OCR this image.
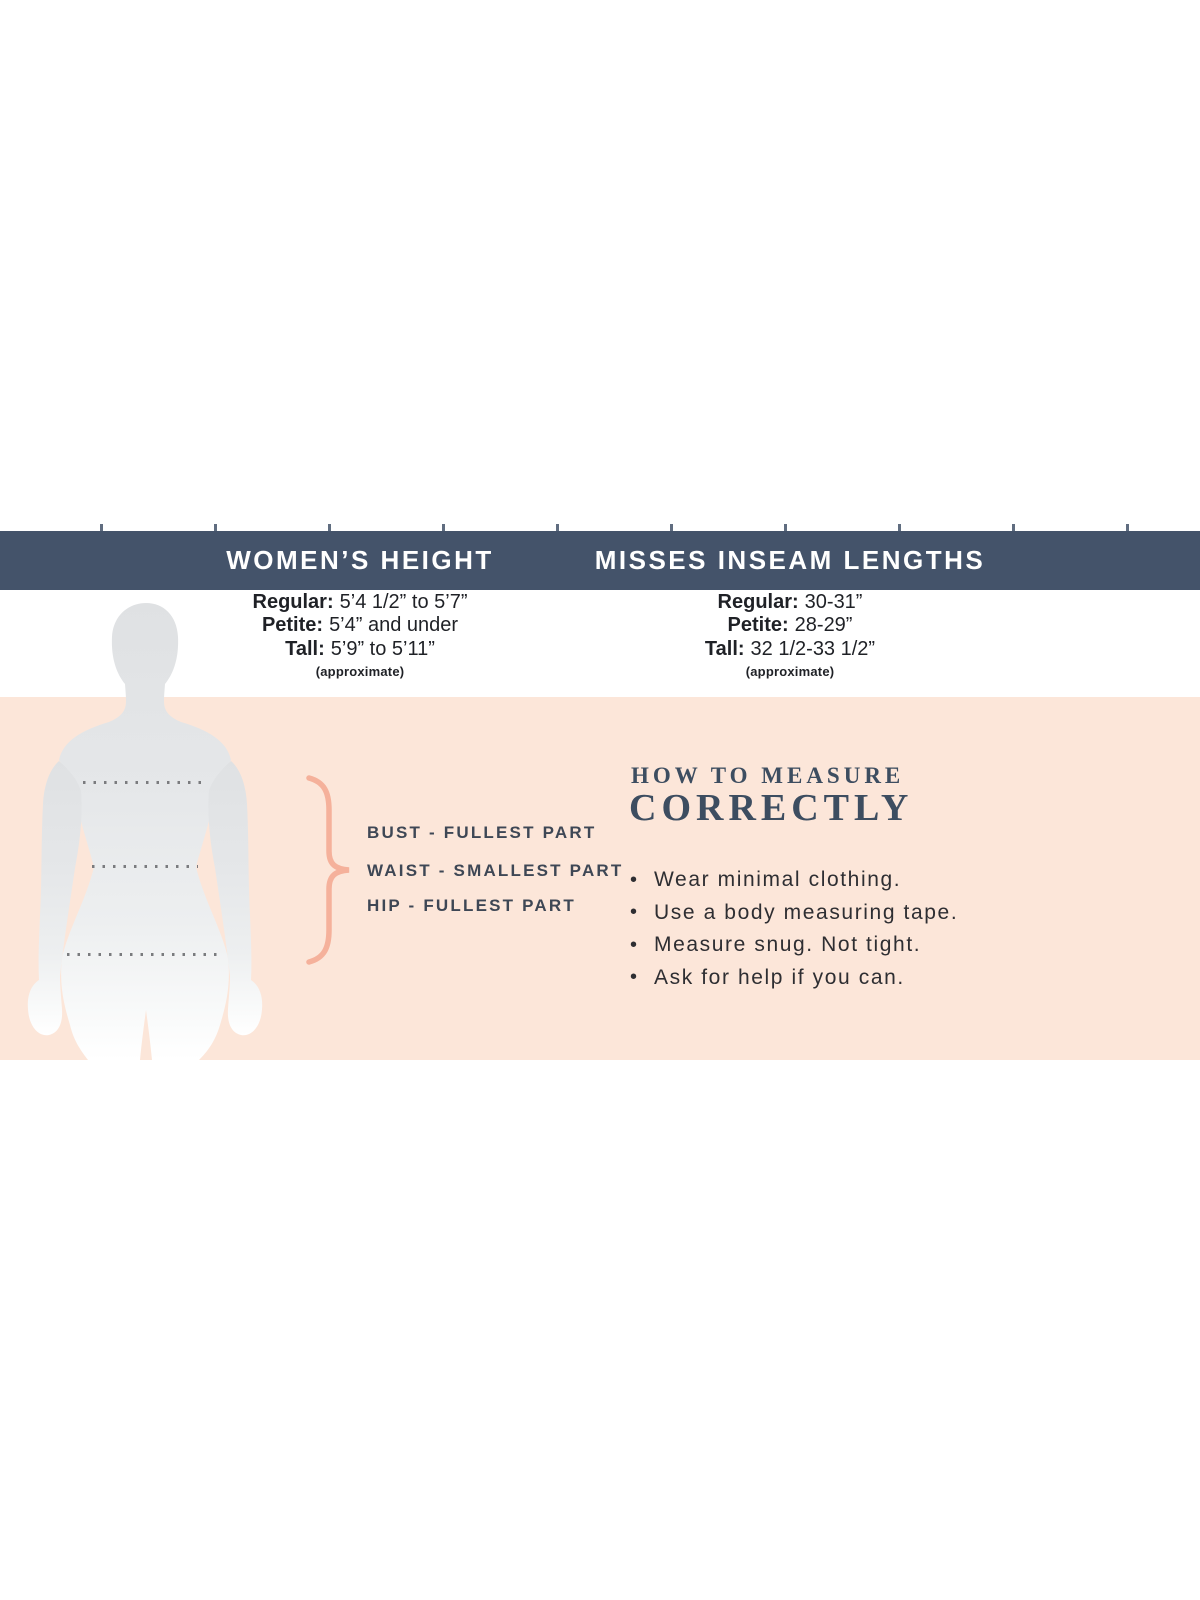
WOMEN’S HEIGHT	MISSES INSEAM LENGTHS
Regular: 5’4 1/2” to 5’7”
Petite: 5’4” and under
Tall: 5’9” to 5’11”
(approximate)
Regular: 30-31”
Petite: 28-29”
Tall: 32 1/2-33 1/2”
(approximate)
BUST - FULLEST PART
WAIST - SMALLEST PART
HIP - FULLEST PART
HOW TO MEASURE
CORRECTLY
• Wear minimal clothing.
• Use a body measuring tape.
• Measure snug. Not tight.
• Ask for help if you can.
